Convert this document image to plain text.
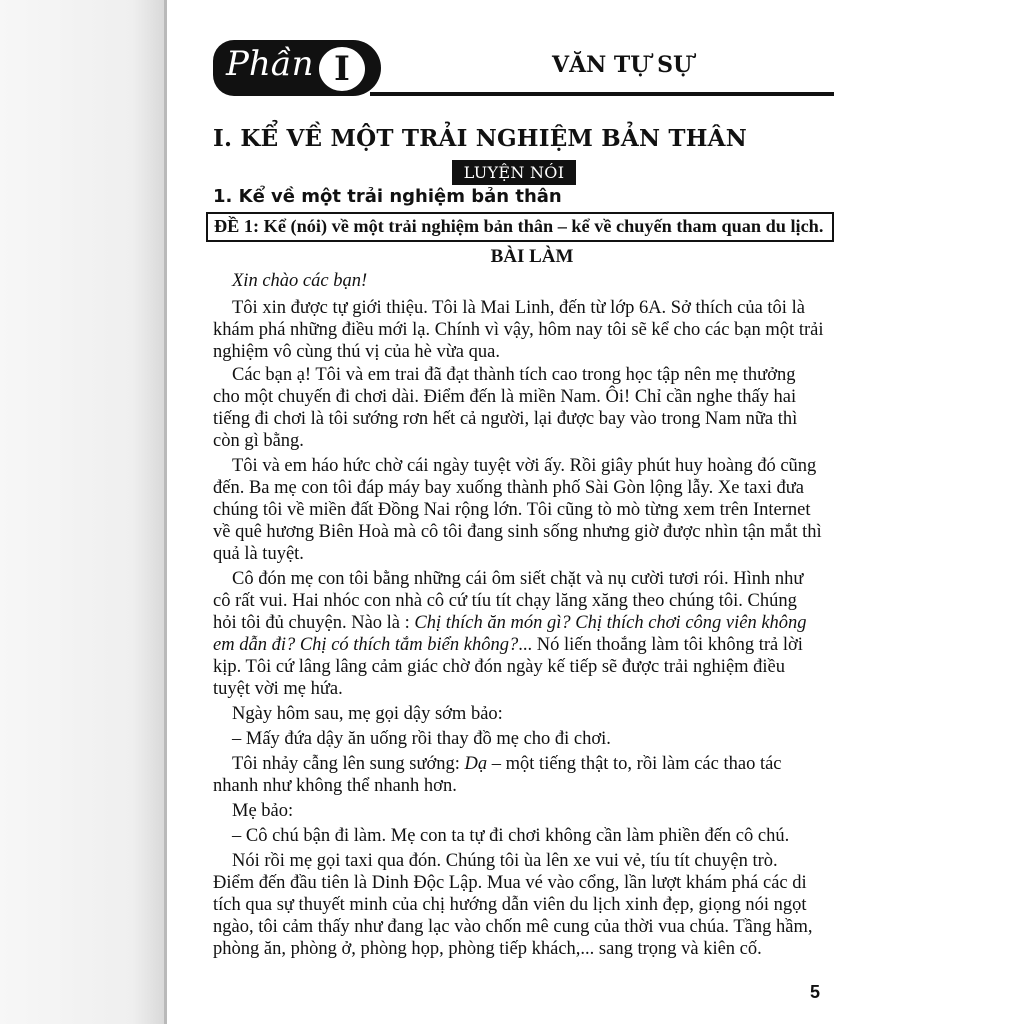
Phần I	VĂN TỰ SỰ
I. KỂ VỀ MỘT TRẢI NGHIỆM BẢN THÂN
LUYỆN NÓI
1. Kể về một trải nghiệm bản thân
ĐỀ 1: Kể (nói) về một trải nghiệm bản thân – kể về chuyến tham quan du lịch.
BÀI LÀM
Xin chào các bạn!
Tôi xin được tự giới thiệu. Tôi là Mai Linh, đến từ lớp 6A. Sở thích của tôi là
khám phá những điều mới lạ. Chính vì vậy, hôm nay tôi sẽ kể cho các bạn một trải
nghiệm vô cùng thú vị của hè vừa qua.
Các bạn ạ! Tôi và em trai đã đạt thành tích cao trong học tập nên mẹ thưởng
cho một chuyến đi chơi dài. Điểm đến là miền Nam. Ôi! Chỉ cần nghe thấy hai
tiếng đi chơi là tôi sướng rơn hết cả người, lại được bay vào trong Nam nữa thì
còn gì bằng.
Tôi và em háo hức chờ cái ngày tuyệt vời ấy. Rồi giây phút huy hoàng đó cũng
đến. Ba mẹ con tôi đáp máy bay xuống thành phố Sài Gòn lộng lẫy. Xe taxi đưa
chúng tôi về miền đất Đồng Nai rộng lớn. Tôi cũng tò mò từng xem trên Internet
về quê hương Biên Hoà mà cô tôi đang sinh sống nhưng giờ được nhìn tận mắt thì
quả là tuyệt.
Cô đón mẹ con tôi bằng những cái ôm siết chặt và nụ cười tươi rói. Hình như
cô rất vui. Hai nhóc con nhà cô cứ tíu tít chạy lăng xăng theo chúng tôi. Chúng
hỏi tôi đủ chuyện. Nào là : Chị thích ăn món gì? Chị thích chơi công viên không
em dẫn đi? Chị có thích tắm biển không?... Nó liến thoắng làm tôi không trả lời
kịp. Tôi cứ lâng lâng cảm giác chờ đón ngày kế tiếp sẽ được trải nghiệm điều
tuyệt vời mẹ hứa.
Ngày hôm sau, mẹ gọi dậy sớm bảo:
– Mấy đứa dậy ăn uống rồi thay đồ mẹ cho đi chơi.
Tôi nhảy cẫng lên sung sướng: Dạ – một tiếng thật to, rồi làm các thao tác
nhanh như không thể nhanh hơn.
Mẹ bảo:
– Cô chú bận đi làm. Mẹ con ta tự đi chơi không cần làm phiền đến cô chú.
Nói rồi mẹ gọi taxi qua đón. Chúng tôi ùa lên xe vui vẻ, tíu tít chuyện trò.
Điểm đến đầu tiên là Dinh Độc Lập. Mua vé vào cổng, lần lượt khám phá các di
tích qua sự thuyết minh của chị hướng dẫn viên du lịch xinh đẹp, giọng nói ngọt
ngào, tôi cảm thấy như đang lạc vào chốn mê cung của thời vua chúa. Tầng hầm,
phòng ăn, phòng ở, phòng họp, phòng tiếp khách,... sang trọng và kiên cố.
5
